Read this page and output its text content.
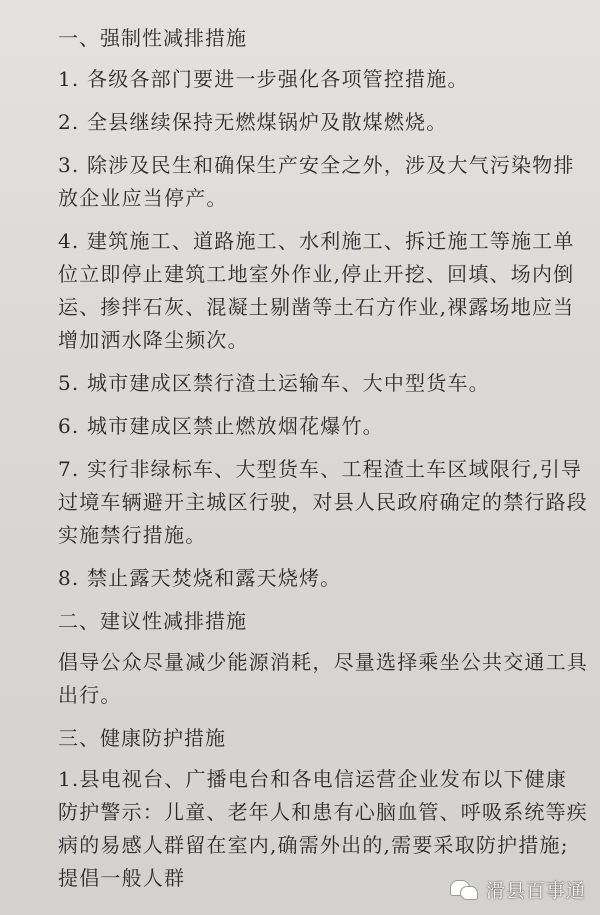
一、强制性减排措施
1. 各级各部门要进一步强化各项管控措施。
2. 全县继续保持无燃煤锅炉及散煤燃烧。
3. 除涉及民生和确保生产安全之外，涉及大气污染物排放企业应当停产。
4. 建筑施工、道路施工、水利施工、拆迁施工等施工单位立即停止建筑工地室外作业,停止开挖、回填、场内倒运、掺拌石灰、混凝土剔凿等土石方作业,裸露场地应当增加洒水降尘频次。
5. 城市建成区禁行渣土运输车、大中型货车。
6. 城市建成区禁止燃放烟花爆竹。
7. 实行非绿标车、大型货车、工程渣土车区域限行,引导过境车辆避开主城区行驶，对县人民政府确定的禁行路段实施禁行措施。
8. 禁止露天焚烧和露天烧烤。
二、建议性减排措施
倡导公众尽量减少能源消耗，尽量选择乘坐公共交通工具出行。
三、健康防护措施
1.县电视台、广播电台和各电信运营企业发布以下健康防护警示：儿童、老年人和患有心脑血管、呼吸系统等疾病的易感人群留在室内,确需外出的,需要采取防护措施;提倡一般人群
滑县百事通
